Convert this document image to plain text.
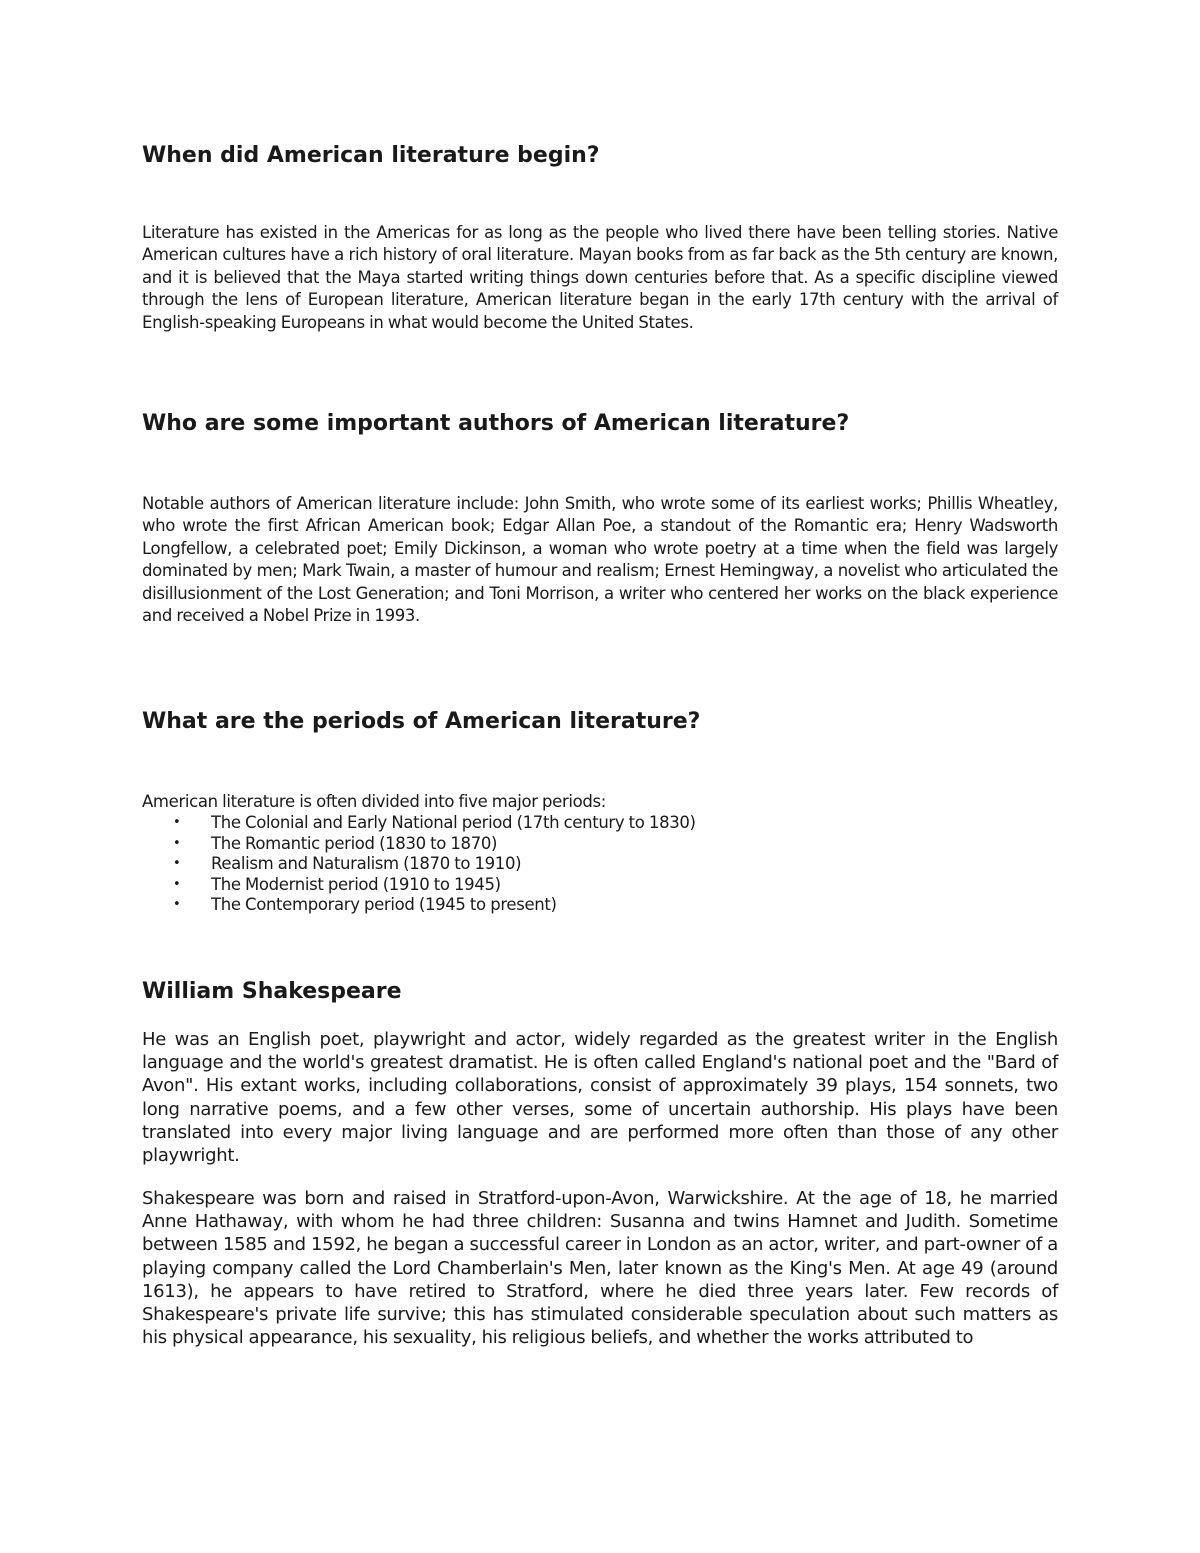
When did American literature begin?

Literature has existed in the Americas for as long as the people who lived there have been telling stories. Native American cultures have a rich history of oral literature. Mayan books from as far back as the 5th century are known, and it is believed that the Maya started writing things down centuries before that. As a specific discipline viewed through the lens of European literature, American literature began in the early 17th century with the arrival of English-speaking Europeans in what would become the United States.

Who are some important authors of American literature?

Notable authors of American literature include: John Smith, who wrote some of its earliest works; Phillis Wheatley, who wrote the first African American book; Edgar Allan Poe, a standout of the Romantic era; Henry Wadsworth Longfellow, a celebrated poet; Emily Dickinson, a woman who wrote poetry at a time when the field was largely dominated by men; Mark Twain, a master of humour and realism; Ernest Hemingway, a novelist who articulated the disillusionment of the Lost Generation; and Toni Morrison, a writer who centered her works on the black experience and received a Nobel Prize in 1993.

What are the periods of American literature?
American literature is often divided into five major periods:
• The Colonial and Early National period (17th century to 1830)
• The Romantic period (1830 to 1870)
• Realism and Naturalism (1870 to 1910)
• The Modernist period (1910 to 1945)
• The Contemporary period (1945 to present)
William Shakespeare

He was an English poet, playwright and actor, widely regarded as the greatest writer in the English language and the world's greatest dramatist. He is often called England's national poet and the "Bard of Avon". His extant works, including collaborations, consist of approximately 39 plays, 154 sonnets, two long narrative poems, and a few other verses, some of uncertain authorship. His plays have been translated into every major living language and are performed more often than those of any other playwright.

Shakespeare was born and raised in Stratford-upon-Avon, Warwickshire. At the age of 18, he married Anne Hathaway, with whom he had three children: Susanna and twins Hamnet and Judith. Sometime between 1585 and 1592, he began a successful career in London as an actor, writer, and part-owner of a playing company called the Lord Chamberlain's Men, later known as the King's Men. At age 49 (around 1613), he appears to have retired to Stratford, where he died three years later. Few records of Shakespeare's private life survive; this has stimulated considerable speculation about such matters as his physical appearance, his sexuality, his religious beliefs, and whether the works attributed to
